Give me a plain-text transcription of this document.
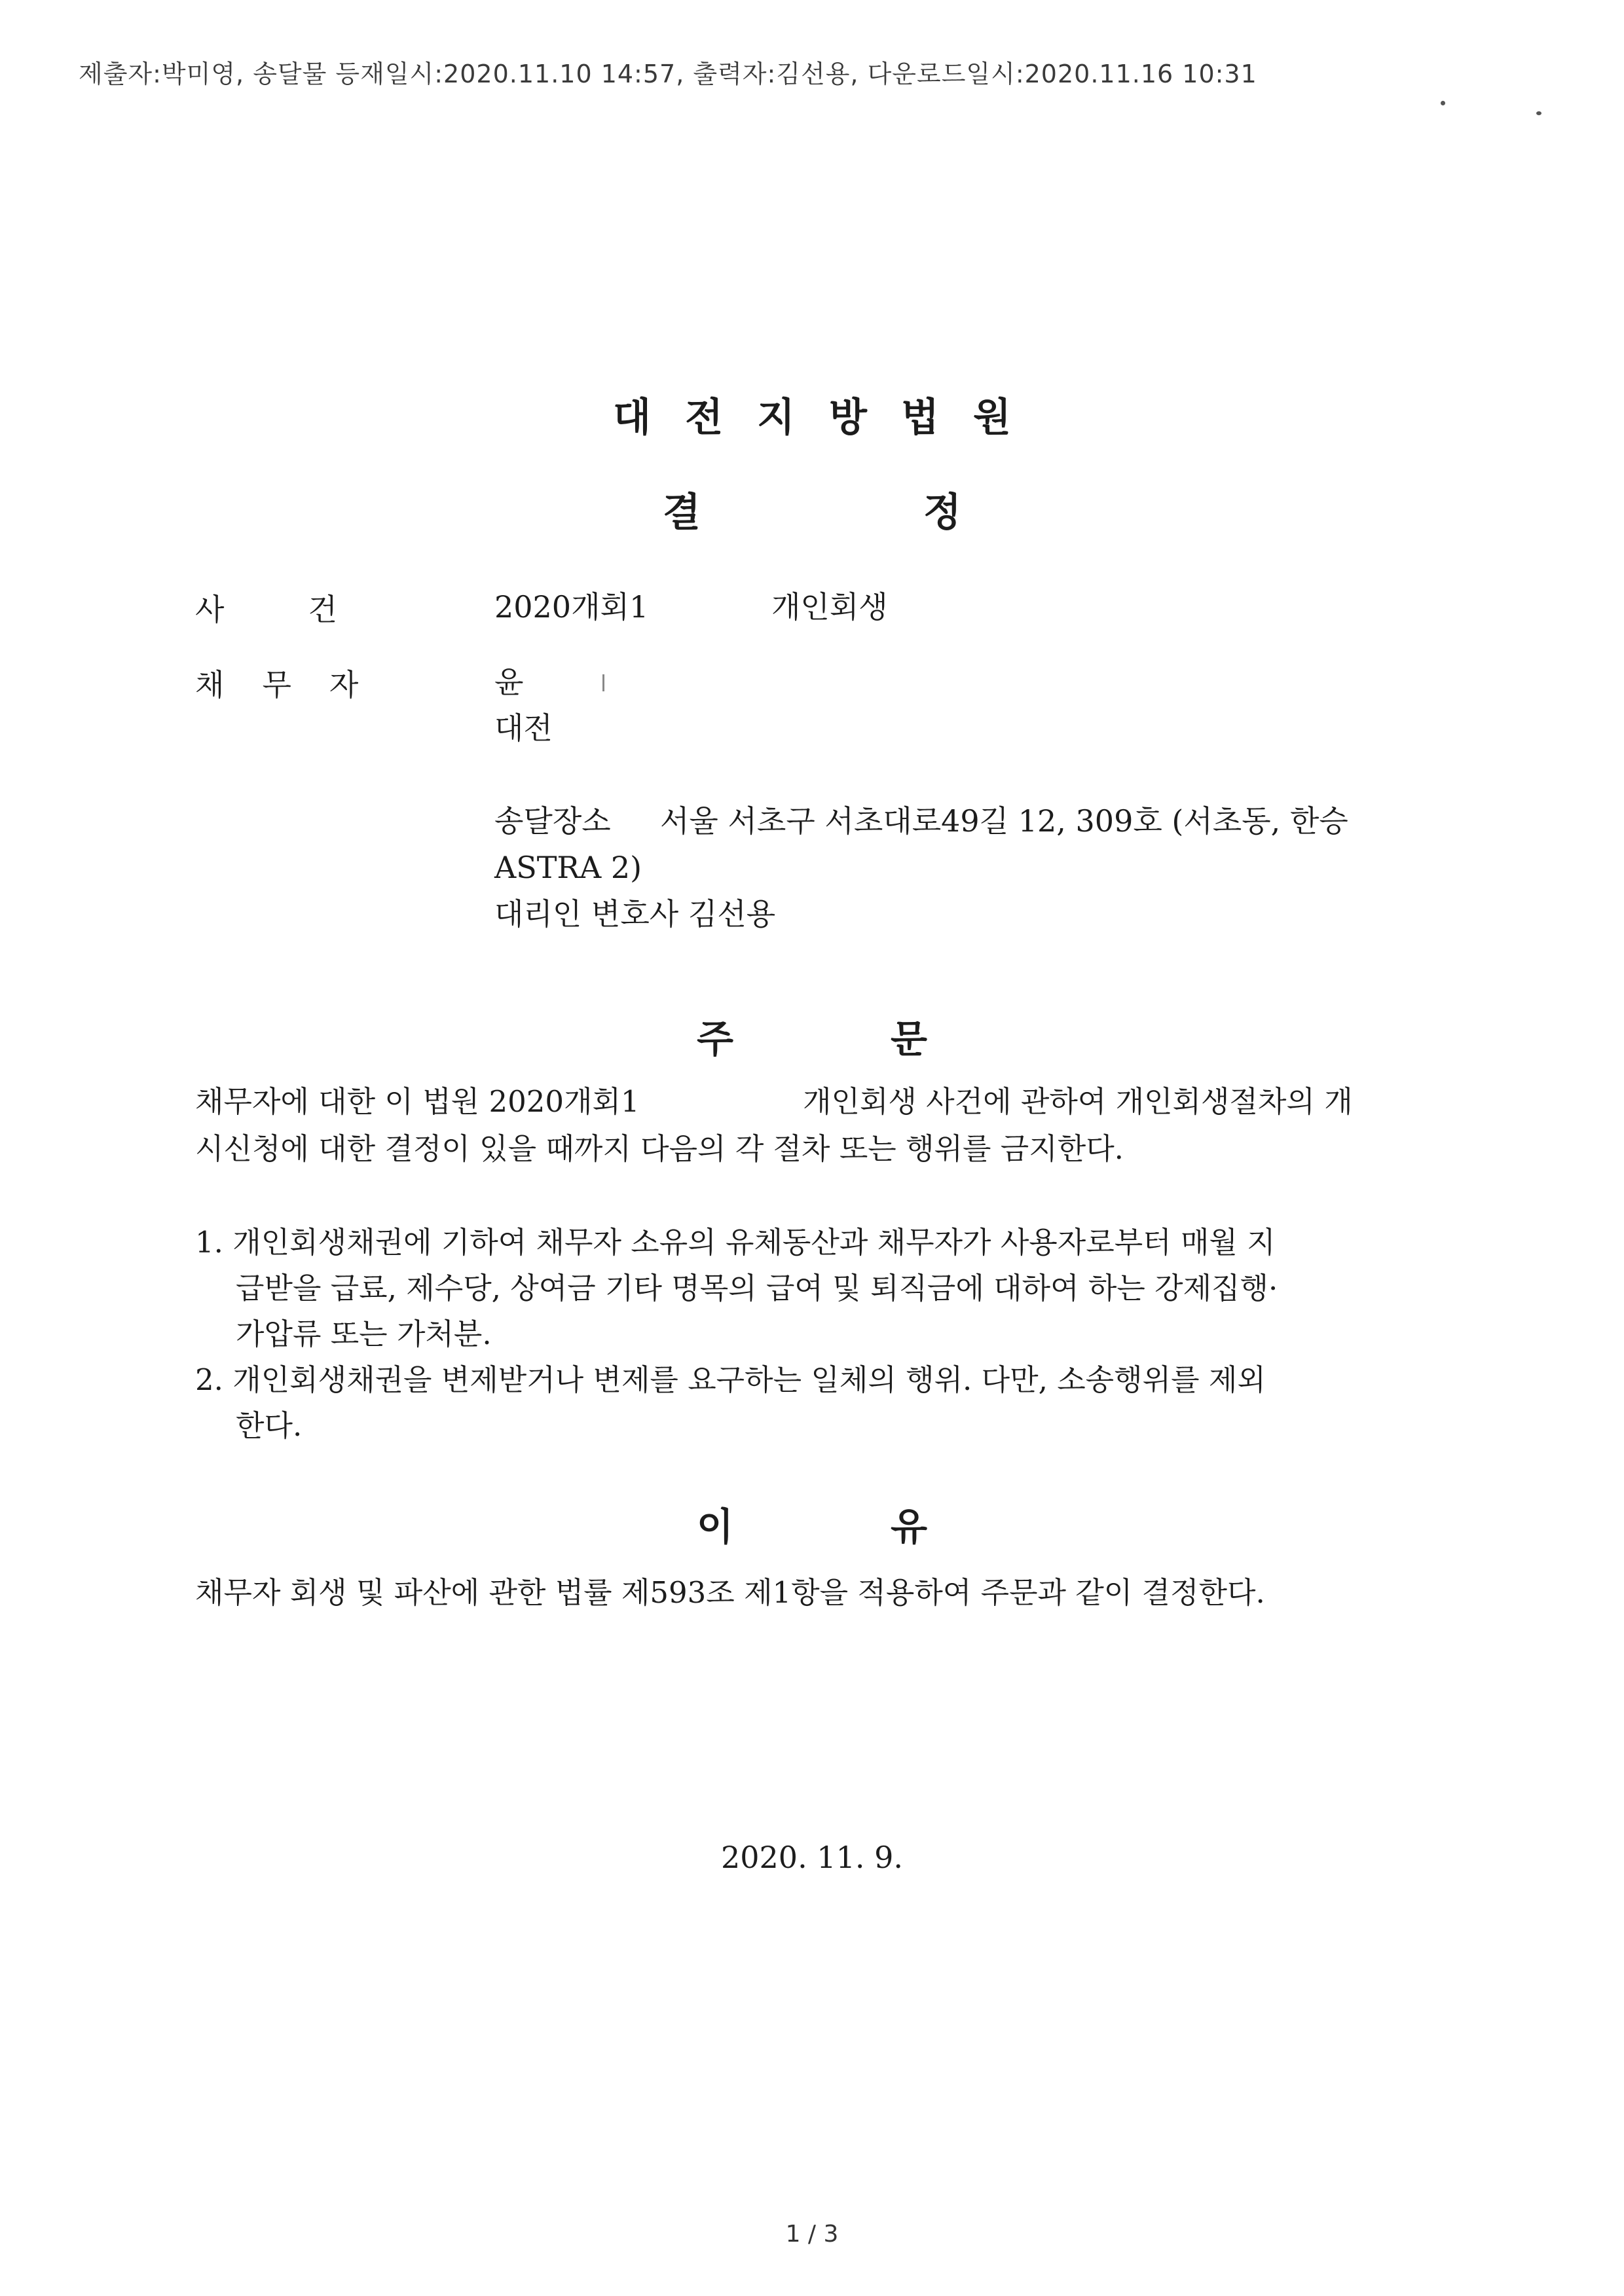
제출자:박미영, 송달물 등재일시:2020.11.10 14:57, 출력자:김선용, 다운로드일시:2020.11.16 10:31
대 전 지 방 법 원
결	정
사	건	2020개회1	개인회생
채 무 자	윤
대전
송달장소 서울 서초구 서초대로49길 12, 309호 (서초동, 한승
ASTRA 2)
대리인 변호사 김선용
주	문
채무자에 대한 이 법원 2020개회1	개인회생 사건에 관하여 개인회생절차의 개
시신청에 대한 결정이 있을 때까지 다음의 각 절차 또는 행위를 금지한다.
1. 개인회생채권에 기하여 채무자 소유의 유체동산과 채무자가 사용자로부터 매월 지
급받을 급료, 제수당, 상여금 기타 명목의 급여 및 퇴직금에 대하여 하는 강제집행·
가압류 또는 가처분.
2. 개인회생채권을 변제받거나 변제를 요구하는 일체의 행위. 다만, 소송행위를 제외
한다.
이	유
채무자 회생 및 파산에 관한 법률 제593조 제1항을 적용하여 주문과 같이 결정한다.
2020. 11. 9.
1 / 3
